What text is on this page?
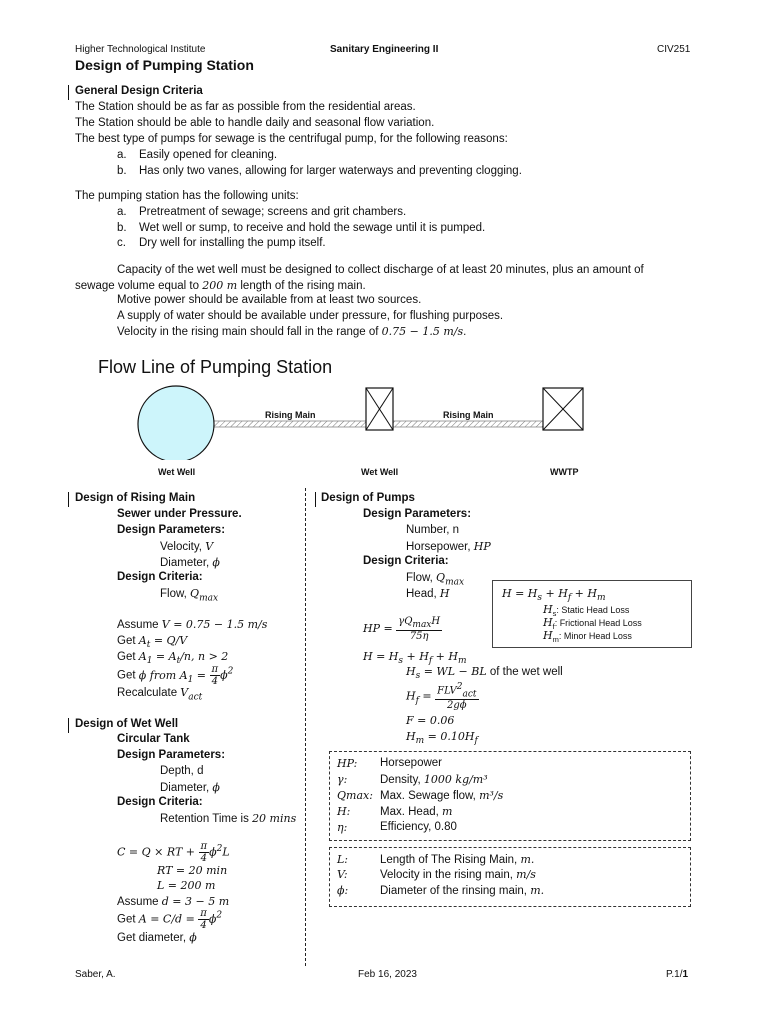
Higher Technological Institute	Sanitary Engineering II	CIV251
Design of Pumping Station
General Design Criteria
The Station should be as far as possible from the residential areas.
The Station should be able to handle daily and seasonal flow variation.
The best type of pumps for sewage is the centrifugal pump, for the following reasons:
a. Easily opened for cleaning.
b. Has only two vanes, allowing for larger waterways and preventing clogging.
The pumping station has the following units:
a. Pretreatment of sewage; screens and grit chambers.
b. Wet well or sump, to receive and hold the sewage until it is pumped.
c. Dry well for installing the pump itself.
Capacity of the wet well must be designed to collect discharge of at least 20 minutes, plus an amount of
sewage volume equal to 200 m length of the rising main.
Motive power should be available from at least two sources.
A supply of water should be available under pressure, for flushing purposes.
Velocity in the rising main should fall in the range of 0.75 − 1.5 m/s.
Flow Line of Pumping Station
Rising Main	Rising Main
Wet Well	Wet Well	WWTP
Design of Rising Main
Sewer under Pressure.
Design Parameters:
Velocity, V
Diameter, ϕ
Design Criteria:
Flow, $Q_{max}$
Assume V = 0.75 − 1.5 m/s
Get $A_t = Q/V$
Get $A_1 = A_t/n$, n > 2
Get ϕ from $A_1 = \frac{\pi}{4} \phi^2$
Recalculate $V_{act}$
Design of Wet Well
Circular Tank
Design Parameters:
Depth, d
Diameter, ϕ
Design Criteria:
Retention Time is 20 mins
C = Q × RT + $\frac{\pi}{4} \phi^2L$
RT = 20 min
L = 200 m
Assume d = 3 − 5 m
Get $A = C/d = \frac{\pi}{4} \phi^2$
Get diameter, ϕ
Design of Pumps
Design Parameters:
Number, n
Horsepower, HP
Design Criteria:
Flow, $Q_{max}$
Head, H	$H = H_s + H_f + H_m$
$H_s$: Static Head Loss
$H_f$: Frictional Head Loss
$H_m$: Minor Head Loss
HP =
$\gamma Q_{max}H$
75η
$H = H_s + H_f + H_m$
$H_s$ = WL − BL of the wet well
$H_f = FLV^2_{act}$
2gϕ
F = 0.06
$H_m = 0.10H_f$
HP: Horsepower
γ:	Density, 1000 kg/m³
Qmax: Max. Sewage flow, m³/s
H:	Max. Head, m
η:	Efficiency, 0.80
L:	Length of The Rising Main, m.
V:	Velocity in the rising main, m/s
ϕ:	Diameter of the rinsing main, m.
Saber, A.	Feb 16, 2023	P.1/1
